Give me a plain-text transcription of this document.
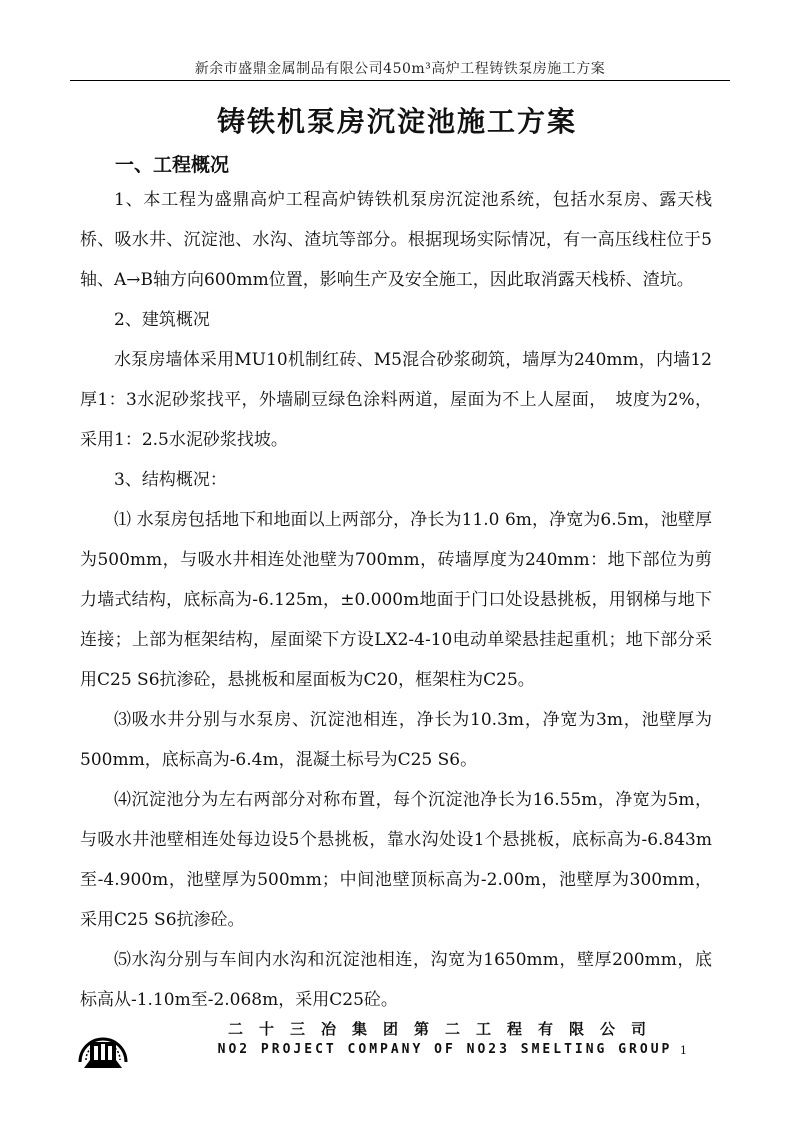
新余市盛鼎金属制品有限公司450m³高炉工程铸铁泵房施工方案
铸铁机泵房沉淀池施工方案
一、工程概况

1、本工程为盛鼎高炉工程高炉铸铁机泵房沉淀池系统，包括水泵房、露天栈桥、吸水井、沉淀池、水沟、渣坑等部分。根据现场实际情况，有一高压线柱位于5轴、A→B轴方向600mm位置，影响生产及安全施工，因此取消露天栈桥、渣坑。

2、建筑概况

水泵房墙体采用MU10机制红砖、M5混合砂浆砌筑，墙厚为240mm，内墙12厚1：3水泥砂浆找平，外墙刷豆绿色涂料两道，屋面为不上人屋面，　坡度为2%，采用1：2.5水泥砂浆找坡。

3、结构概况：

⑴ 水泵房包括地下和地面以上两部分，净长为11.0 6m，净宽为6.5m，池壁厚为500mm，与吸水井相连处池壁为700mm，砖墙厚度为240mm：地下部位为剪力墙式结构，底标高为-6.125m，±0.000m地面于门口处设悬挑板，用钢梯与地下连接；上部为框架结构，屋面梁下方设LX2-4-10电动单梁悬挂起重机；地下部分采用C25 S6抗渗砼，悬挑板和屋面板为C20，框架柱为C25。

⑶吸水井分别与水泵房、沉淀池相连，净长为10.3m，净宽为3m，池壁厚为500mm，底标高为-6.4m，混凝土标号为C25 S6。

⑷沉淀池分为左右两部分对称布置，每个沉淀池净长为16.55m，净宽为5m，与吸水井池壁相连处每边设5个悬挑板，靠水沟处设1个悬挑板，底标高为-6.843m至-4.900m，池壁厚为500mm；中间池壁顶标高为-2.00m，池壁厚为300mm，采用C25 S6抗渗砼。

⑸水沟分别与车间内水沟和沉淀池相连，沟宽为1650mm，壁厚200mm，底标高从-1.10m至-2.068m，采用C25砼。

二十三冶集团第二工程有限公司
NO2 PROJECT COMPANY OF NO23 SMELTING GROUP 1
